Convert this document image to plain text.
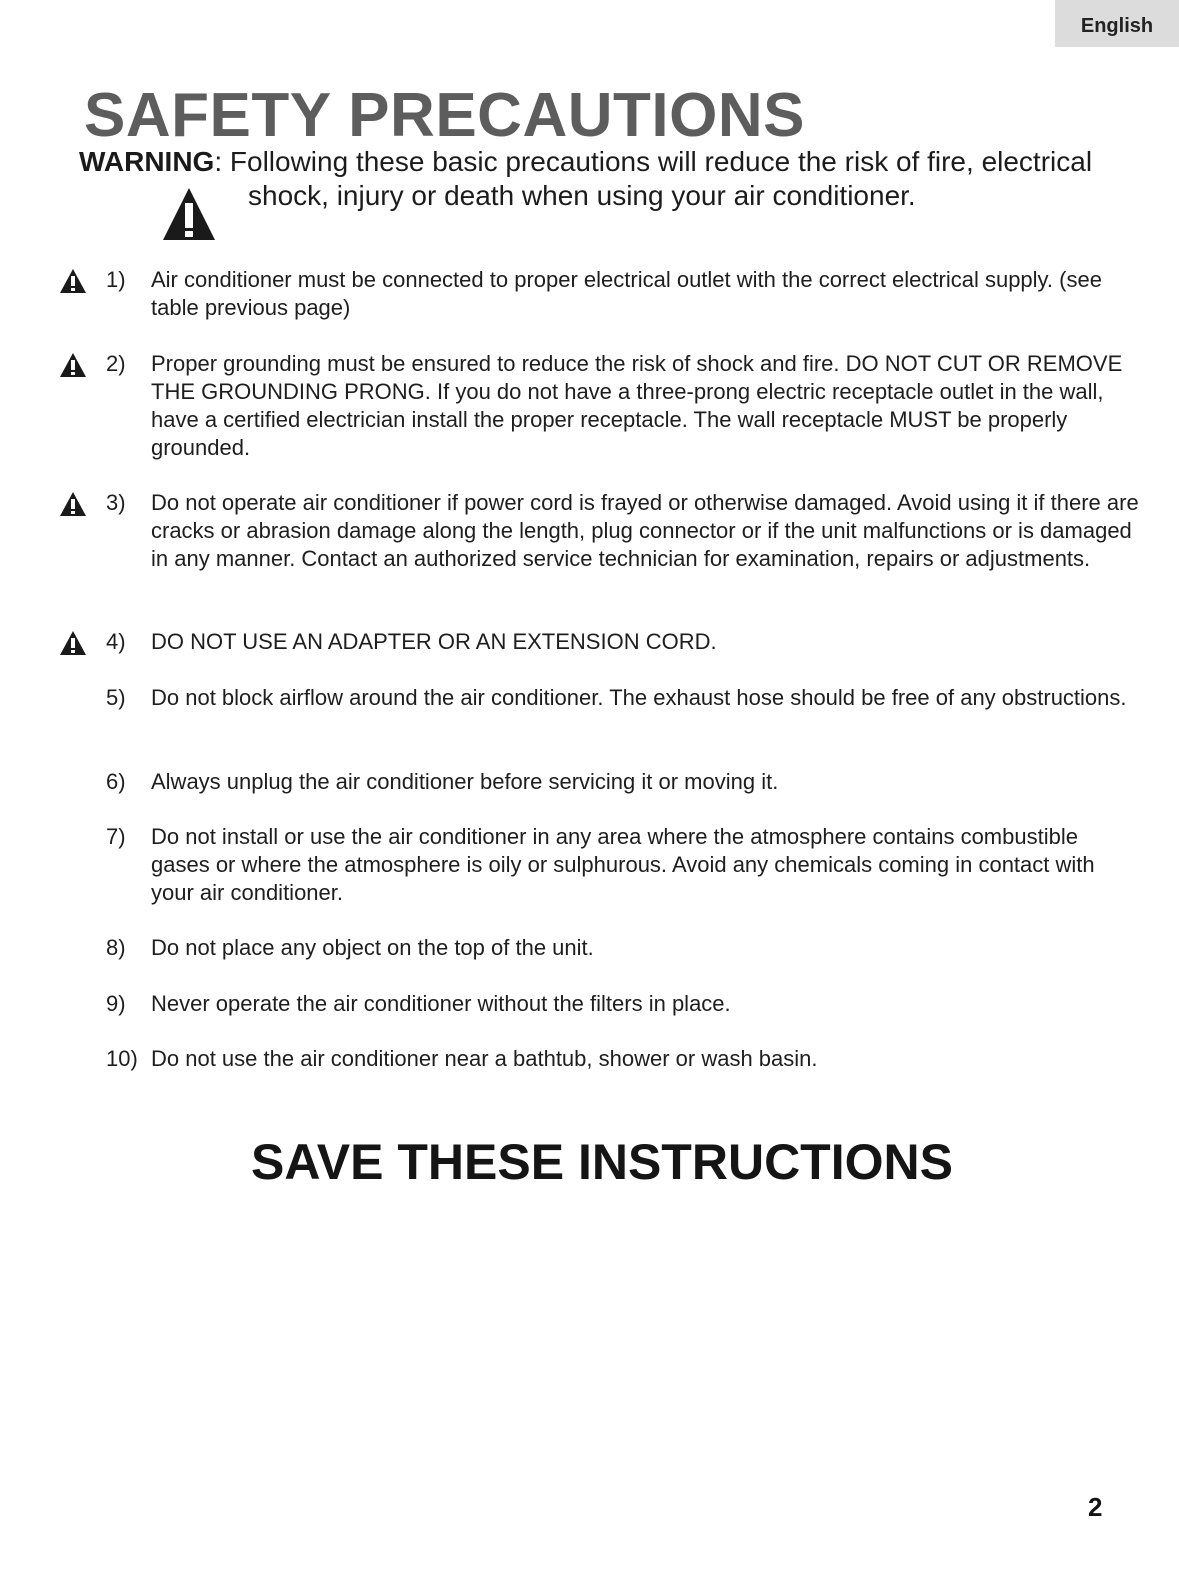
English
SAFETY PRECAUTIONS
WARNING: Following these basic precautions will reduce the risk of fire, electrical
shock, injury or death when using your air conditioner.
1) Air conditioner must be connected to proper electrical outlet with the correct electrical supply. (see table previous page)
2) Proper grounding must be ensured to reduce the risk of shock and fire. DO NOT CUT OR REMOVE THE GROUNDING PRONG. If you do not have a three-prong electric receptacle outlet in the wall, have a certified electrician install the proper receptacle. The wall receptacle MUST be properly grounded.
3) Do not operate air conditioner if power cord is frayed or otherwise damaged. Avoid using it if there are cracks or abrasion damage along the length, plug connector or if the unit malfunctions or is damaged in any manner. Contact an authorized service technician for examination, repairs or adjustments.
4) DO NOT USE AN ADAPTER OR AN EXTENSION CORD.
5) Do not block airflow around the air conditioner. The exhaust hose should be free of any obstructions.
6) Always unplug the air conditioner before servicing it or moving it.
7) Do not install or use the air conditioner in any area where the atmosphere contains combustible gases or where the atmosphere is oily or sulphurous. Avoid any chemicals coming in contact with your air conditioner.
8) Do not place any object on the top of the unit.
9) Never operate the air conditioner without the filters in place.
10) Do not use the air conditioner near a bathtub, shower or wash basin.
SAVE THESE INSTRUCTIONS
2
